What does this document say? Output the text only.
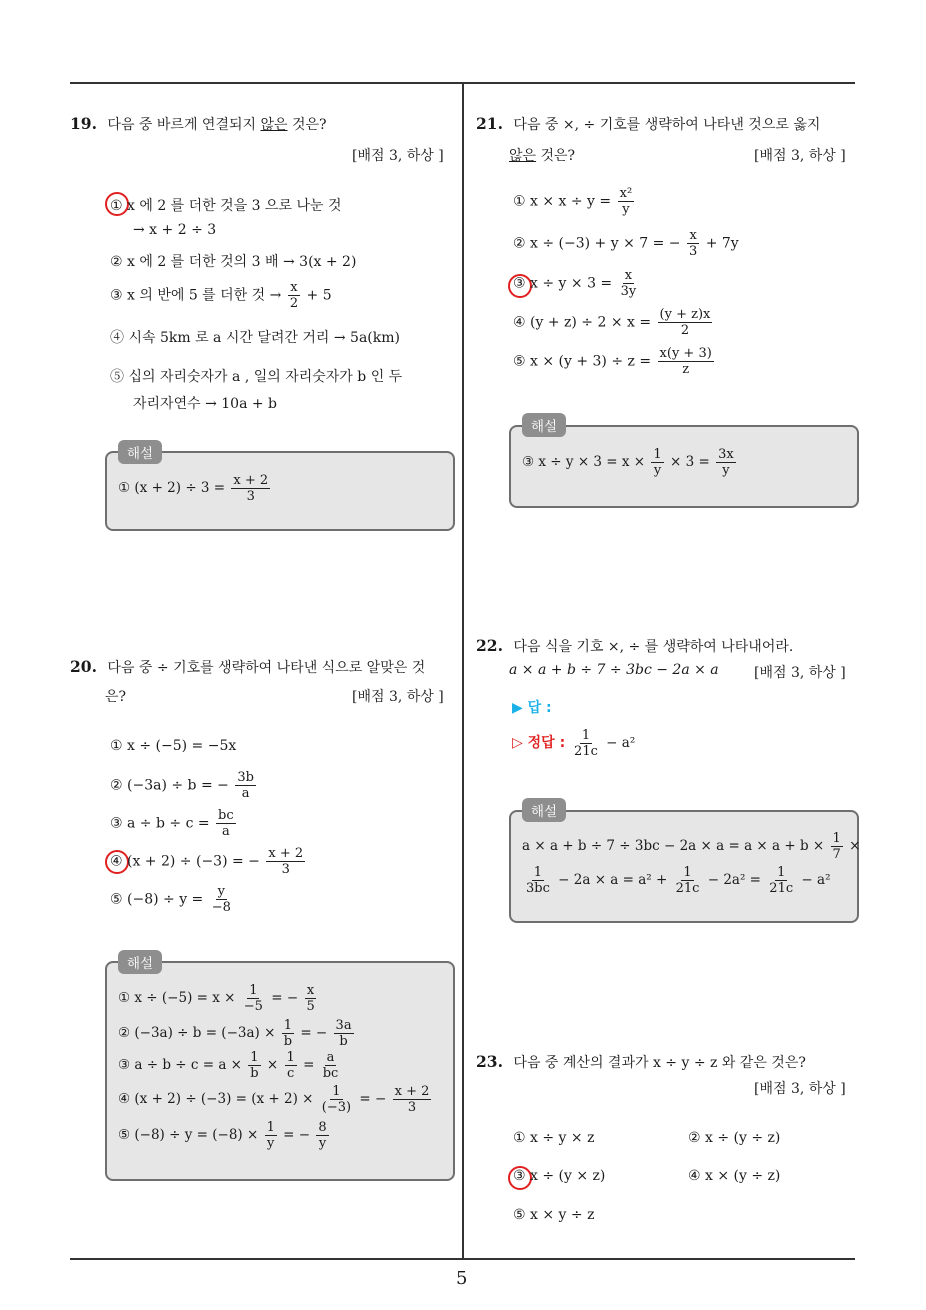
19. 다음 중 바르게 연결되지 않은 것은?
[배점 3, 하상 ]
① x 에 2 를 더한 것을 3 으로 나눈 것
→ x + 2 ÷ 3
② x 에 2 를 더한 것의 3 배 → 3(x + 2)
③ x 의 반에 5 를 더한 것 → $\frac{x}{2} + 5$
④ 시속 5km 로 a 시간 달려간 거리 → 5a(km)
⑤ 십의 자리숫자가 a , 일의 자리숫자가 b 인 두
자리자연수 → 10a + b
해설
① $(x + 2) \div 3 = \frac{x + 2}{3}$
20. 다음 중 ÷ 기호를 생략하여 나타낸 식으로 알맞은 것
은?	[배점 3, 하상 ]
① x ÷ (−5) = −5x
② (−3a) ÷ b = − $\frac{3b}{a}$
③ $a \div b \div c = \frac{bc}{a}$
④ (x + 2) ÷ (−3) = − $\frac{x + 2}{3}$
⑤ $(-8) \div y = \frac{y}{-8}$
해설
① $x \div (-5) = x \times \frac{1}{-5}$ = − $\frac{x}{5}$
② $(-3a) \div b = (-3a) \times \frac{1}{b}$ = − $\frac{3a}{b}$
③ $a \div b \div c = a \times \frac{1}{b} \times \frac{1}{c} = \frac{a}{bc}$
④ $(x + 2) \div (-3) = (x + 2) \times \frac{1}{(-3)}$ = − $\frac{x + 2}{3}$
⑤ $(-8) \div y = (-8) \times \frac{1}{y}$ = − $\frac{8}{y}$
21. 다음 중 ×, ÷ 기호를 생략하여 나타낸 것으로 옳지
않은 것은?	[배점 3, 하상 ]
① $x \times x \div y = \frac{\text{x²}}{y}$
② x ÷ (−3) + y × 7 = − $\frac{x}{3} + 7y$
③ $x \div y \times 3 = \frac{x}{3y}$
④ $(y + z) \div 2 \times x = \frac{(y + z)x}{2}$
⑤ $x \times (y + 3) \div z = \frac{x(y + 3)}{z}$
해설
③ $x \div y \times 3 = x \times \frac{1}{y} \times 3 = \frac{3x}{y}$
22. 다음 식을 기호 ×, ÷ 를 생략하여 나타내어라.
a × a + b ÷ 7 ÷ 3bc − 2a × a	[배점 3, 하상 ]
▶ 답 :
▷ 정답 : $\frac{1}{21c} - a^2$
해설
$a \times a + b \div 7 \div 3bc - 2a \times a = a \times a + b \times \frac{1}{7}$ ×
$\frac{1}{3bc} - 2a \times a = a^2 + \frac{1}{21c} - 2a^2 = \frac{1}{21c} - a^2$
23. 다음 중 계산의 결과가 x ÷ y ÷ z 와 같은 것은?
[배점 3, 하상 ]
① x ÷ y × z	② x ÷ (y ÷ z)
③ x ÷ (y × z)	④ x × (y ÷ z)
⑤ x × y ÷ z
5
